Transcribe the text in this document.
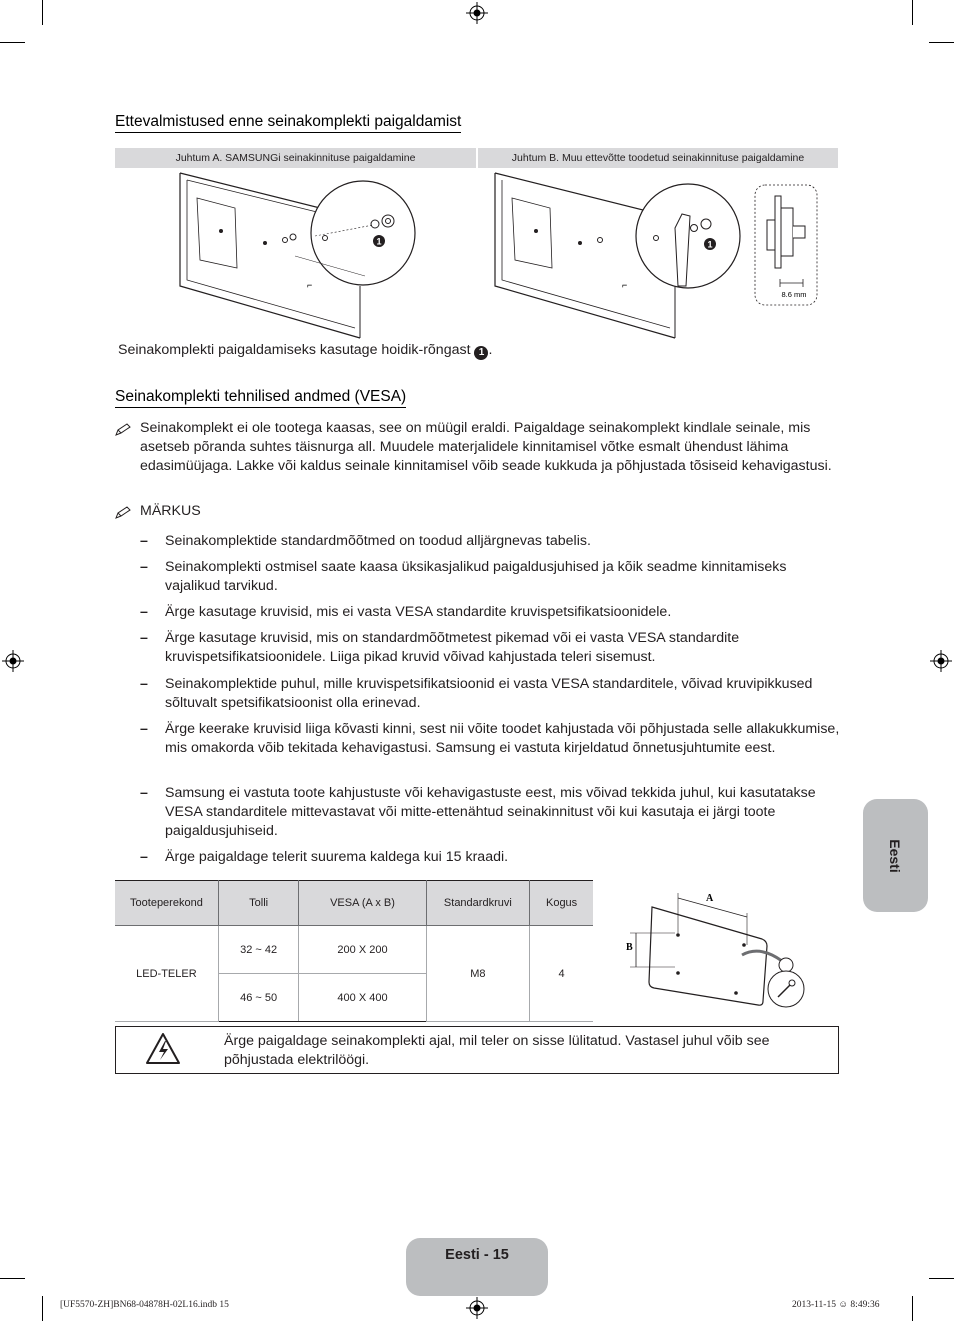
Ettevalmistused enne seinakomplekti paigaldamist
Juhtum A. SAMSUNGi seinakinnituse paigaldamine	Juhtum B. Muu ettevõtte toodetud seinakinnituse paigaldamine
⌐
1
⌐
1
8.6 mm
Seinakomplekti paigaldamiseks kasutage hoidik-rõngast 1 .
Seinakomplekti tehnilised andmed (VESA)
Seinakomplekt ei ole tootega kaasas, see on müügil eraldi. Paigaldage seinakomplekt kindlale seinale, mis asetseb põranda suhtes täisnurga all. Muudele materjalidele kinnitamisel võtke esmalt ühendust lähima edasimüüjaga. Lakke või kaldus seinale kinnitamisel võib seade kukkuda ja põhjustada tõsiseid kehavigastusi.
MÄRKUS
– Seinakomplektide standardmõõtmed on toodud alljärgnevas tabelis.
– Seinakomplekti ostmisel saate kaasa üksikasjalikud paigaldusjuhised ja kõik seadme kinnitamiseks vajalikud tarvikud.
– Ärge kasutage kruvisid, mis ei vasta VESA standardite kruvispetsifikatsioonidele.
– Ärge kasutage kruvisid, mis on standardmõõtmetest pikemad või ei vasta VESA standardite kruvispetsifikatsioonidele. Liiga pikad kruvid võivad kahjustada teleri sisemust.
– Seinakomplektide puhul, mille kruvispetsifikatsioonid ei vasta VESA standarditele, võivad kruvipikkused sõltuvalt spetsifikatsioonist olla erinevad.
– Ärge keerake kruvisid liiga kõvasti kinni, sest nii võite toodet kahjustada või põhjustada selle allakukkumise, mis omakorda võib tekitada kehavigastusi. Samsung ei vastuta kirjeldatud õnnetusjuhtumite eest.
– Samsung ei vastuta toote kahjustuste või kehavigastuste eest, mis võivad tekkida juhul, kui kasutatakse VESA standarditele mittevastavat või mitte-ettenähtud seinakinnitust või kui kasutaja ei järgi toote paigaldusjuhiseid.
– Ärge paigaldage telerit suurema kaldega kui 15 kraadi.
Tooteperekond	Tolli	VESA (A x B)	Standardkruvi	Kogus
LED-TELER	32 ~ 42	200 X 200	M8	4
	46 ~ 50	400 X 400		
A
B
Ärge paigaldage seinakomplekti ajal, mil teler on sisse lülitatud. Vastasel juhul võib see põhjustada elektrilöögi.
Eesti
Eesti - 15
[UF5570-ZH]BN68-04878H-02L16.indb 15	2013-11-15 ☺ 8:49:36
